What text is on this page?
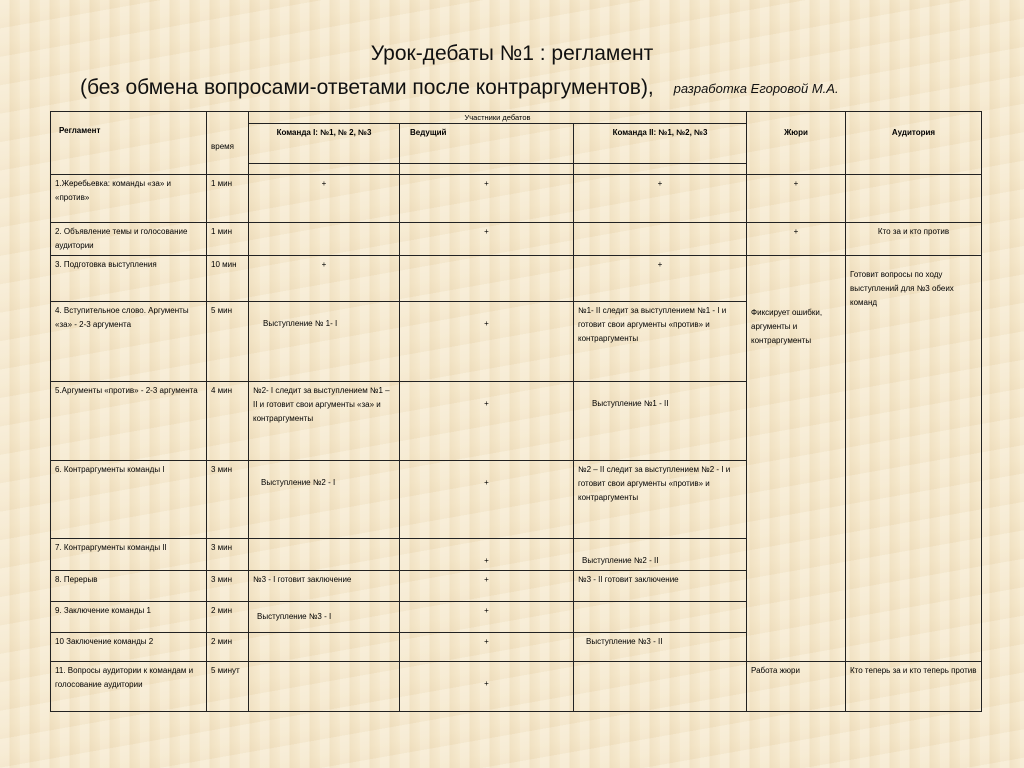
Урок-дебаты №1 : регламент
(без обмена вопросами-ответами после контраргументов), разработка Егоровой М.А.
Регламент	время	Участники дебатов			Жюри	Аудитория
		Команда I: №1, № 2, №3	Ведущий	Команда II: №1, №2, №3		

1.Жеребьевка: команды «за» и «против»	1 мин	+	+	+	+	
2. Объявление темы и голосование аудитории	1 мин		+		+	Кто за и кто против
3. Подготовка выступления	10 мин	+		+	Фиксирует ошибки, аргументы и контраргументы	Готовит вопросы по ходу выступлений для №3 обеих команд
4. Вступительное слово. Аргументы «за» - 2-3 аргумента	5 мин	Выступление № 1- I	+	№1- II следит за выступлением №1 - I и готовит свои аргументы «против» и контраргументы		
5.Аргументы «против» - 2-3 аргумента	4 мин	№2- I следит за выступлением №1 – II и готовит свои аргументы «за» и контраргументы	+	Выступление №1 - II		
6. Контраргументы команды I	3 мин	Выступление №2 - I	+	№2 – II следит за выступлением №2 - I и готовит свои аргументы «против» и контраргументы		
7. Контраргументы команды II	3 мин		+	Выступление №2 - II		
8. Перерыв	3 мин	№3 - I готовит заключение	+	№3 - II готовит заключение		
9. Заключение команды 1	2 мин	Выступление №3 - I	+			
10 Заключение команды 2	2 мин		+	Выступление №3 - II		
11. Вопросы аудитории к командам и голосование аудитории	5 минут		+		Работа жюри	Кто теперь за и кто теперь против
